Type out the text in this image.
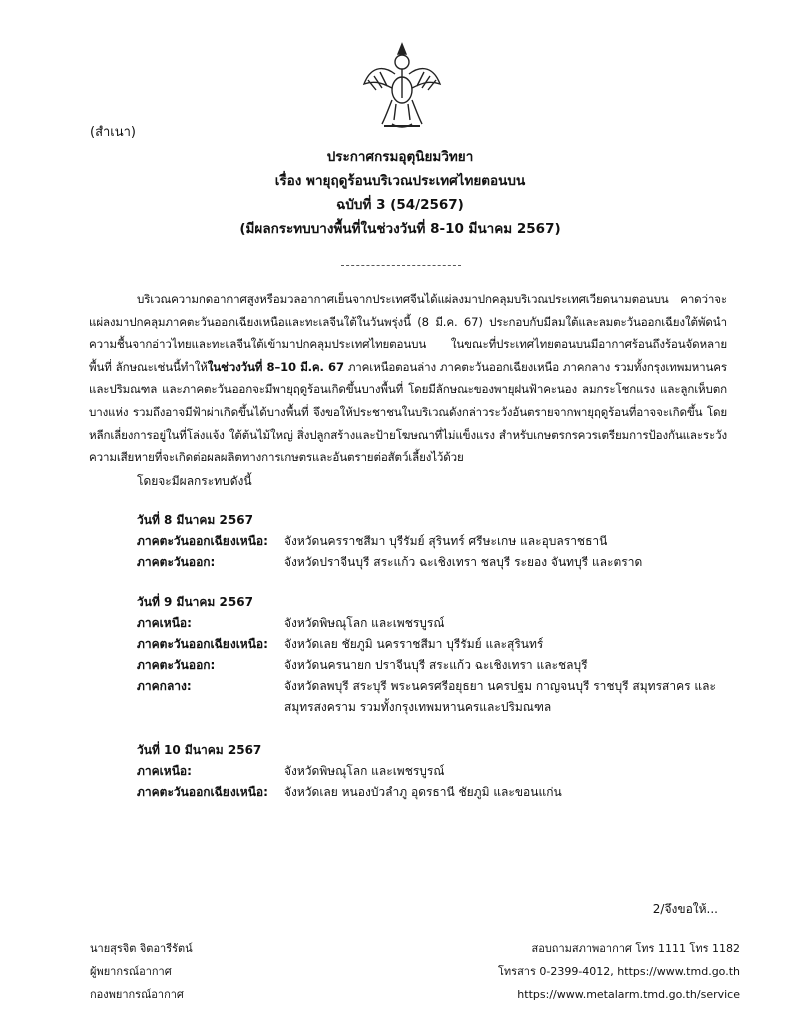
(สำเนา)
ประกาศกรมอุตุนิยมวิทยา
เรื่อง พายุฤดูร้อนบริเวณประเทศไทยตอนบน
ฉบับที่ 3 (54/2567)
(มีผลกระทบบางพื้นที่ในช่วงวันที่ 8-10 มีนาคม 2567)
บริเวณความกดอากาศสูงหรือมวลอากาศเย็นจากประเทศจีนได้แผ่ลงมาปกคลุมบริเวณประเทศเวียดนามตอนบน คาดว่าจะแผ่ลงมาปกคลุมภาคตะวันออกเฉียงเหนือและทะเลจีนใต้ในวันพรุ่งนี้ (8 มี.ค. 67) ประกอบกับมีลมใต้และลมตะวันออกเฉียงใต้พัดนำความชื้นจากอ่าวไทยและทะเลจีนใต้เข้ามาปกคลุมประเทศไทยตอนบน ในขณะที่ประเทศไทยตอนบนมีอากาศร้อนถึงร้อนจัดหลายพื้นที่ ลักษณะเช่นนี้ทำให้ในช่วงวันที่ 8–10 มี.ค. 67 ภาคเหนือตอนล่าง ภาคตะวันออกเฉียงเหนือ ภาคกลาง รวมทั้งกรุงเทพมหานครและปริมณฑล และภาคตะวันออกจะมีพายุฤดูร้อนเกิดขึ้นบางพื้นที่ โดยมีลักษณะของพายุฝนฟ้าคะนอง ลมกระโชกแรง และลูกเห็บตกบางแห่ง รวมถึงอาจมีฟ้าผ่าเกิดขึ้นได้บางพื้นที่ จึงขอให้ประชาชนในบริเวณดังกล่าวระวังอันตรายจากพายุฤดูร้อนที่อาจจะเกิดขึ้น โดยหลีกเลี่ยงการอยู่ในที่โล่งแจ้ง ใต้ต้นไม้ใหญ่ สิ่งปลูกสร้างและป้ายโฆษณาที่ไม่แข็งแรง สำหรับเกษตรกรควรเตรียมการป้องกันและระวังความเสียหายที่จะเกิดต่อผลผลิตทางการเกษตรและอันตรายต่อสัตว์เลี้ยงไว้ด้วย
โดยจะมีผลกระทบดังนี้
วันที่ 8 มีนาคม 2567
ภาคตะวันออกเฉียงเหนือ:	จังหวัดนครราชสีมา บุรีรัมย์ สุรินทร์ ศรีษะเกษ และอุบลราชธานี
ภาคตะวันออก:	จังหวัดปราจีนบุรี สระแก้ว ฉะเชิงเทรา ชลบุรี ระยอง จันทบุรี และตราด
วันที่ 9 มีนาคม 2567
ภาคเหนือ:	จังหวัดพิษณุโลก และเพชรบูรณ์
ภาคตะวันออกเฉียงเหนือ:	จังหวัดเลย ชัยภูมิ นครราชสีมา บุรีรัมย์ และสุรินทร์
ภาคตะวันออก:	จังหวัดนครนายก ปราจีนบุรี สระแก้ว ฉะเชิงเทรา และชลบุรี
ภาคกลาง:	จังหวัดลพบุรี สระบุรี พระนครศรีอยุธยา นครปฐม กาญจนบุรี ราชบุรี สมุทรสาคร และสมุทรสงคราม รวมทั้งกรุงเทพมหานครและปริมณฑล
วันที่ 10 มีนาคม 2567
ภาคเหนือ:	จังหวัดพิษณุโลก และเพชรบูรณ์
ภาคตะวันออกเฉียงเหนือ:	จังหวัดเลย หนองบัวลำภู อุดรธานี ชัยภูมิ และขอนแก่น
2/จึงขอให้...
นายสุรจิต จิตอารีรัตน์
ผู้พยากรณ์อากาศ
กองพยากรณ์อากาศ
สอบถามสภาพอากาศ โทร 1111 โทร 1182
โทรสาร 0-2399-4012, https://www.tmd.go.th
https://www.metalarm.tmd.go.th/service
